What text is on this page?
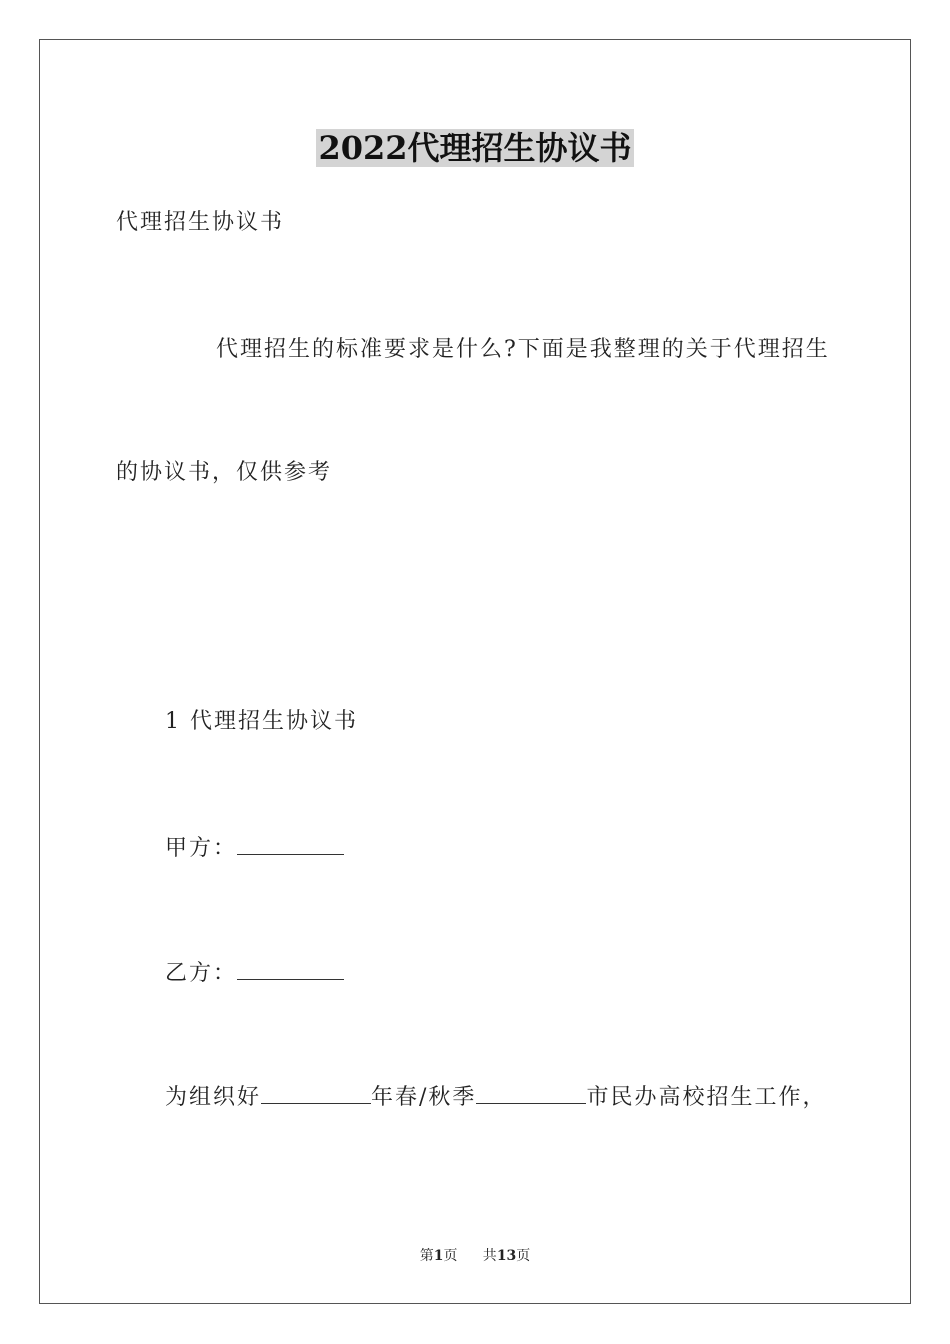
2022代理招生协议书
代理招生协议书
代理招生的标准要求是什么?下面是我整理的关于代理招生
的协议书，仅供参考
1 代理招生协议书
甲方：
乙方：
为组织好	年春/秋季	市民办高校招生工作，
第1页   共13页
